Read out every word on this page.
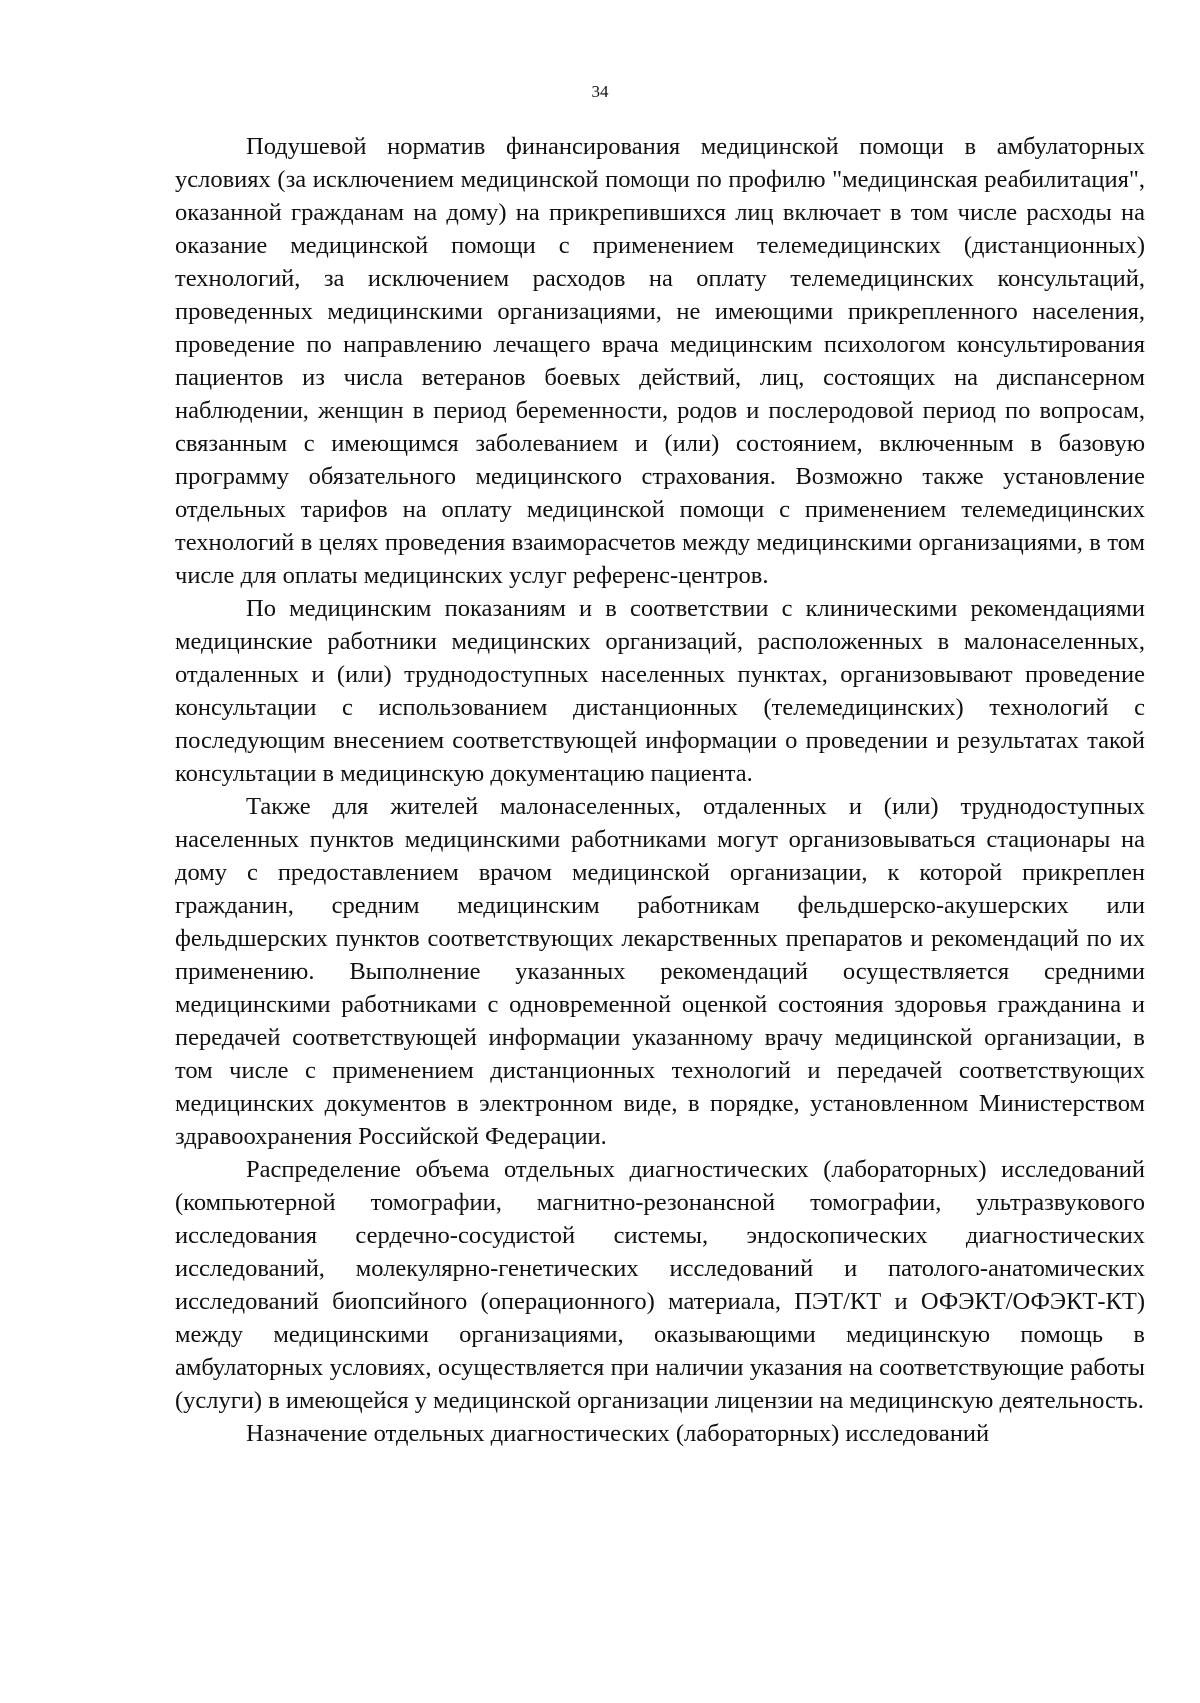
34

Подушевой норматив финансирования медицинской помощи в амбулаторных условиях (за исключением медицинской помощи по профилю "медицинская реабилитация", оказанной гражданам на дому) на прикрепившихся лиц включает в том числе расходы на оказание медицинской помощи с применением телемедицинских (дистанционных) технологий, за исключением расходов на оплату телемедицинских консультаций, проведенных медицинскими организациями, не имеющими прикрепленного населения, проведение по направлению лечащего врача медицинским психологом консультирования пациентов из числа ветеранов боевых действий, лиц, состоящих на диспансерном наблюдении, женщин в период беременности, родов и послеродовой период по вопросам, связанным с имеющимся заболеванием и (или) состоянием, включенным в базовую программу обязательного медицинского страхования. Возможно также установление отдельных тарифов на оплату медицинской помощи с применением телемедицинских технологий в целях проведения взаиморасчетов между медицинскими организациями, в том числе для оплаты медицинских услуг референс-центров.

По медицинским показаниям и в соответствии с клиническими рекомендациями медицинские работники медицинских организаций, расположенных в малонаселенных, отдаленных и (или) труднодоступных населенных пунктах, организовывают проведение консультации с использованием дистанционных (телемедицинских) технологий с последующим внесением соответствующей информации о проведении и результатах такой консультации в медицинскую документацию пациента.

Также для жителей малонаселенных, отдаленных и (или) труднодоступных населенных пунктов медицинскими работниками могут организовываться стационары на дому с предоставлением врачом медицинской организации, к которой прикреплен гражданин, средним медицинским работникам фельдшерско-акушерских или фельдшерских пунктов соответствующих лекарственных препаратов и рекомендаций по их применению. Выполнение указанных рекомендаций осуществляется средними медицинскими работниками с одновременной оценкой состояния здоровья гражданина и передачей соответствующей информации указанному врачу медицинской организации, в том числе с применением дистанционных технологий и передачей соответствующих медицинских документов в электронном виде, в порядке, установленном Министерством здравоохранения Российской Федерации.

Распределение объема отдельных диагностических (лабораторных) исследований (компьютерной томографии, магнитно-резонансной томографии, ультразвукового исследования сердечно-сосудистой системы, эндоскопических диагностических исследований, молекулярно-генетических исследований и патолого-анатомических исследований биопсийного (операционного) материала, ПЭТ/КТ и ОФЭКТ/ОФЭКТ-КТ) между медицинскими организациями, оказывающими медицинскую помощь в амбулаторных условиях, осуществляется при наличии указания на соответствующие работы (услуги) в имеющейся у медицинской организации лицензии на медицинскую деятельность.

Назначение отдельных диагностических (лабораторных) исследований
